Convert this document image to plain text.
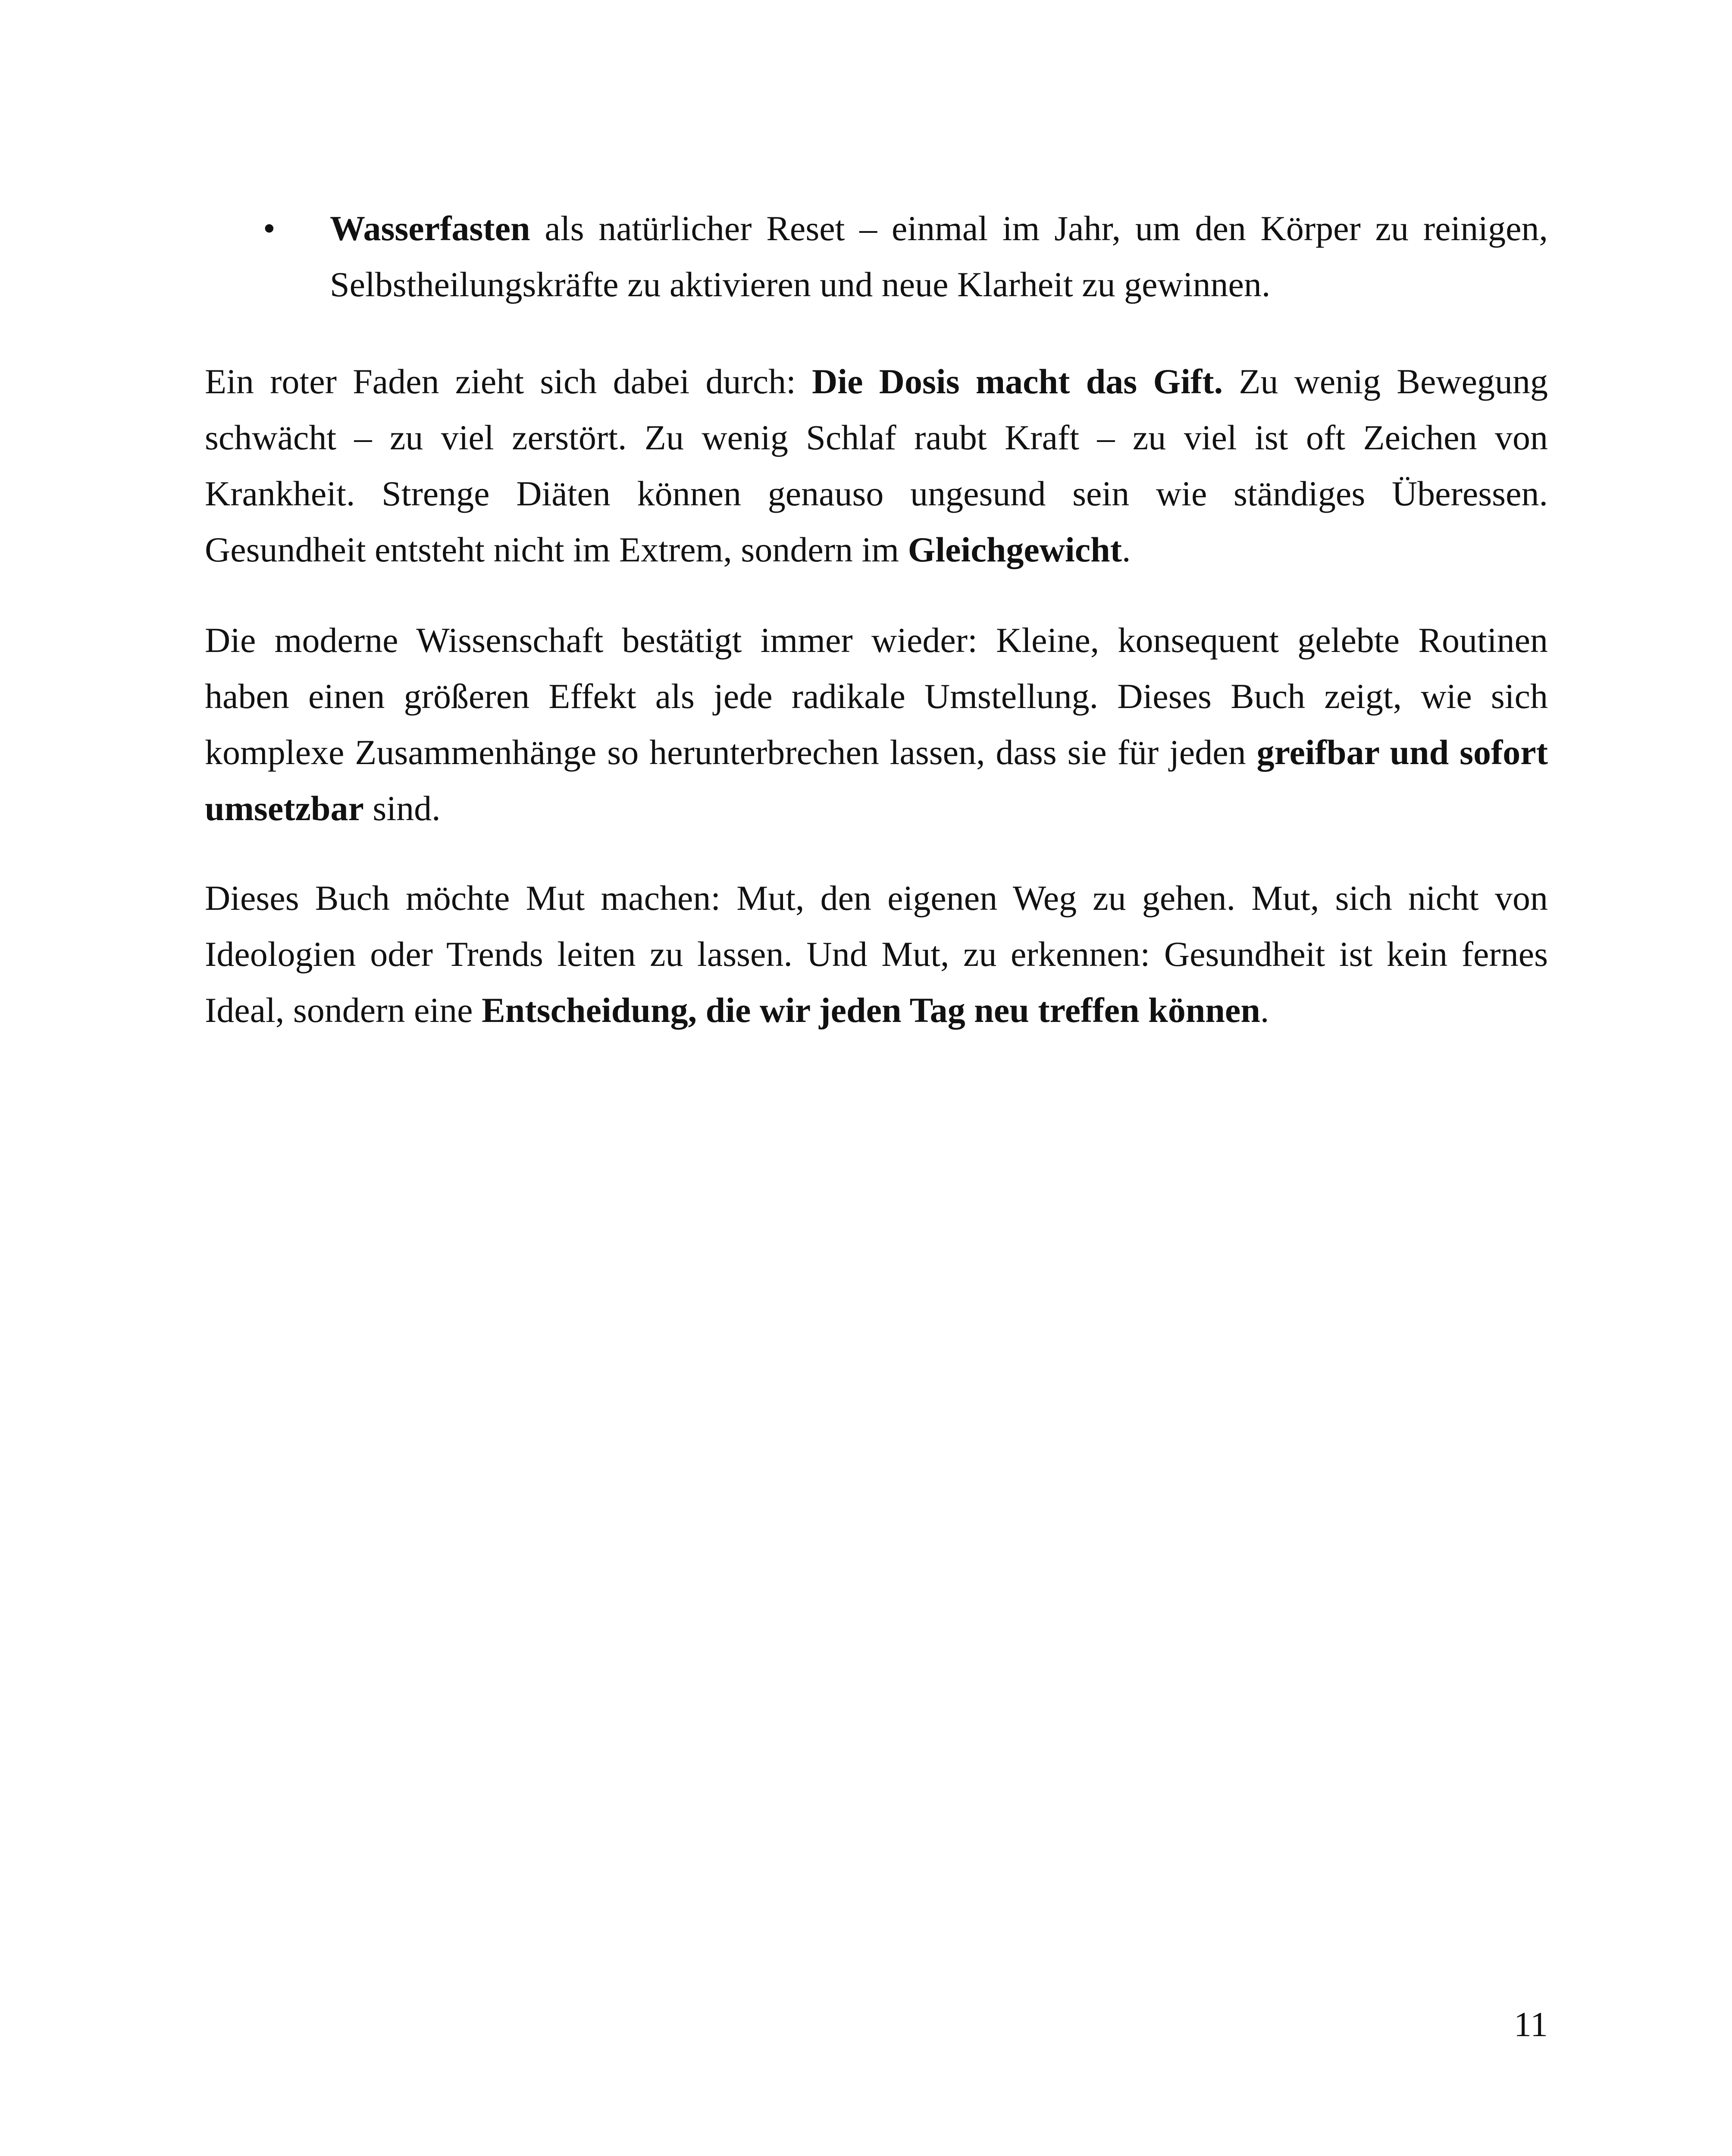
•	Wasserfasten als natürlicher Reset – einmal im Jahr, um den Körper zu reinigen, Selbstheilungskräfte zu aktivieren und neue Klarheit zu gewinnen.

Ein roter Faden zieht sich dabei durch: Die Dosis macht das Gift. Zu wenig Bewegung schwächt – zu viel zerstört. Zu wenig Schlaf raubt Kraft – zu viel ist oft Zeichen von Krankheit. Strenge Diäten können genauso ungesund sein wie ständiges Überessen. Gesundheit entsteht nicht im Extrem, sondern im Gleichgewicht.

Die moderne Wissenschaft bestätigt immer wieder: Kleine, konsequent gelebte Routinen haben einen größeren Effekt als jede radikale Umstellung. Dieses Buch zeigt, wie sich komplexe Zusammenhänge so herunterbrechen lassen, dass sie für jeden greifbar und sofort umsetzbar sind.

Dieses Buch möchte Mut machen: Mut, den eigenen Weg zu gehen. Mut, sich nicht von Ideologien oder Trends leiten zu lassen. Und Mut, zu erkennen: Gesundheit ist kein fernes Ideal, sondern eine Entscheidung, die wir jeden Tag neu treffen können.

11
